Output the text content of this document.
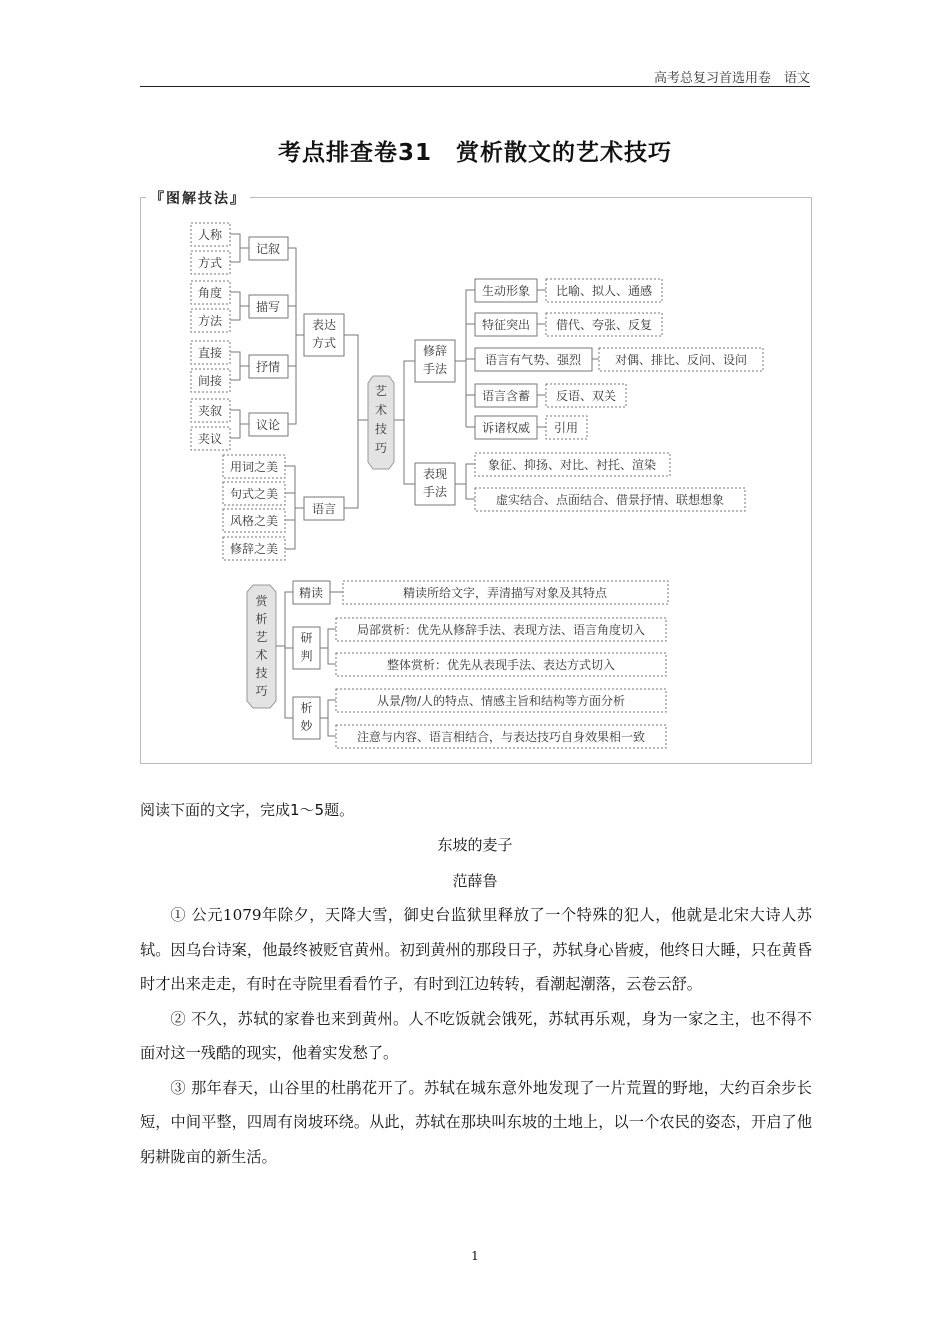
高考总复习首选用卷　语文
考点排查卷31　赏析散文的艺术技巧
『图解技法』
人称
方式
角度
方法
直接
间接
夹叙
夹议
记叙
描写
抒情
议论
表达方式
用词之美
句式之美
风格之美
修辞之美
语言
艺术技巧
修辞手法
表现手法
生动形象
特征突出
语言有气势、强烈
语言含蓄
诉诸权威
比喻、拟人、通感
借代、夸张、反复
对偶、排比、反问、设问
反语、双关
引用
象征、抑扬、对比、衬托、渲染
虚实结合、点面结合、借景抒情、联想想象
赏析艺术技巧
精读
研判
析妙
精读所给文字，弄清描写对象及其特点
局部赏析：优先从修辞手法、表现方法、语言角度切入
整体赏析：优先从表现手法、表达方式切入
从景/物/人的特点、情感主旨和结构等方面分析
注意与内容、语言相结合，与表达技巧自身效果相一致
阅读下面的文字，完成1～5题。
东坡的麦子
范薛鲁

① 公元1079年除夕，天降大雪，御史台监狱里释放了一个特殊的犯人，他就是北宋大诗人苏轼。因乌台诗案，他最终被贬官黄州。初到黄州的那段日子，苏轼身心皆疲，他终日大睡，只在黄昏时才出来走走，有时在寺院里看看竹子，有时到江边转转，看潮起潮落，云卷云舒。

② 不久，苏轼的家眷也来到黄州。人不吃饭就会饿死，苏轼再乐观，身为一家之主，也不得不面对这一残酷的现实，他着实发愁了。

③ 那年春天，山谷里的杜鹃花开了。苏轼在城东意外地发现了一片荒置的野地，大约百余步长短，中间平整，四周有岗坡环绕。从此，苏轼在那块叫东坡的土地上，以一个农民的姿态，开启了他躬耕陇亩的新生活。

1
